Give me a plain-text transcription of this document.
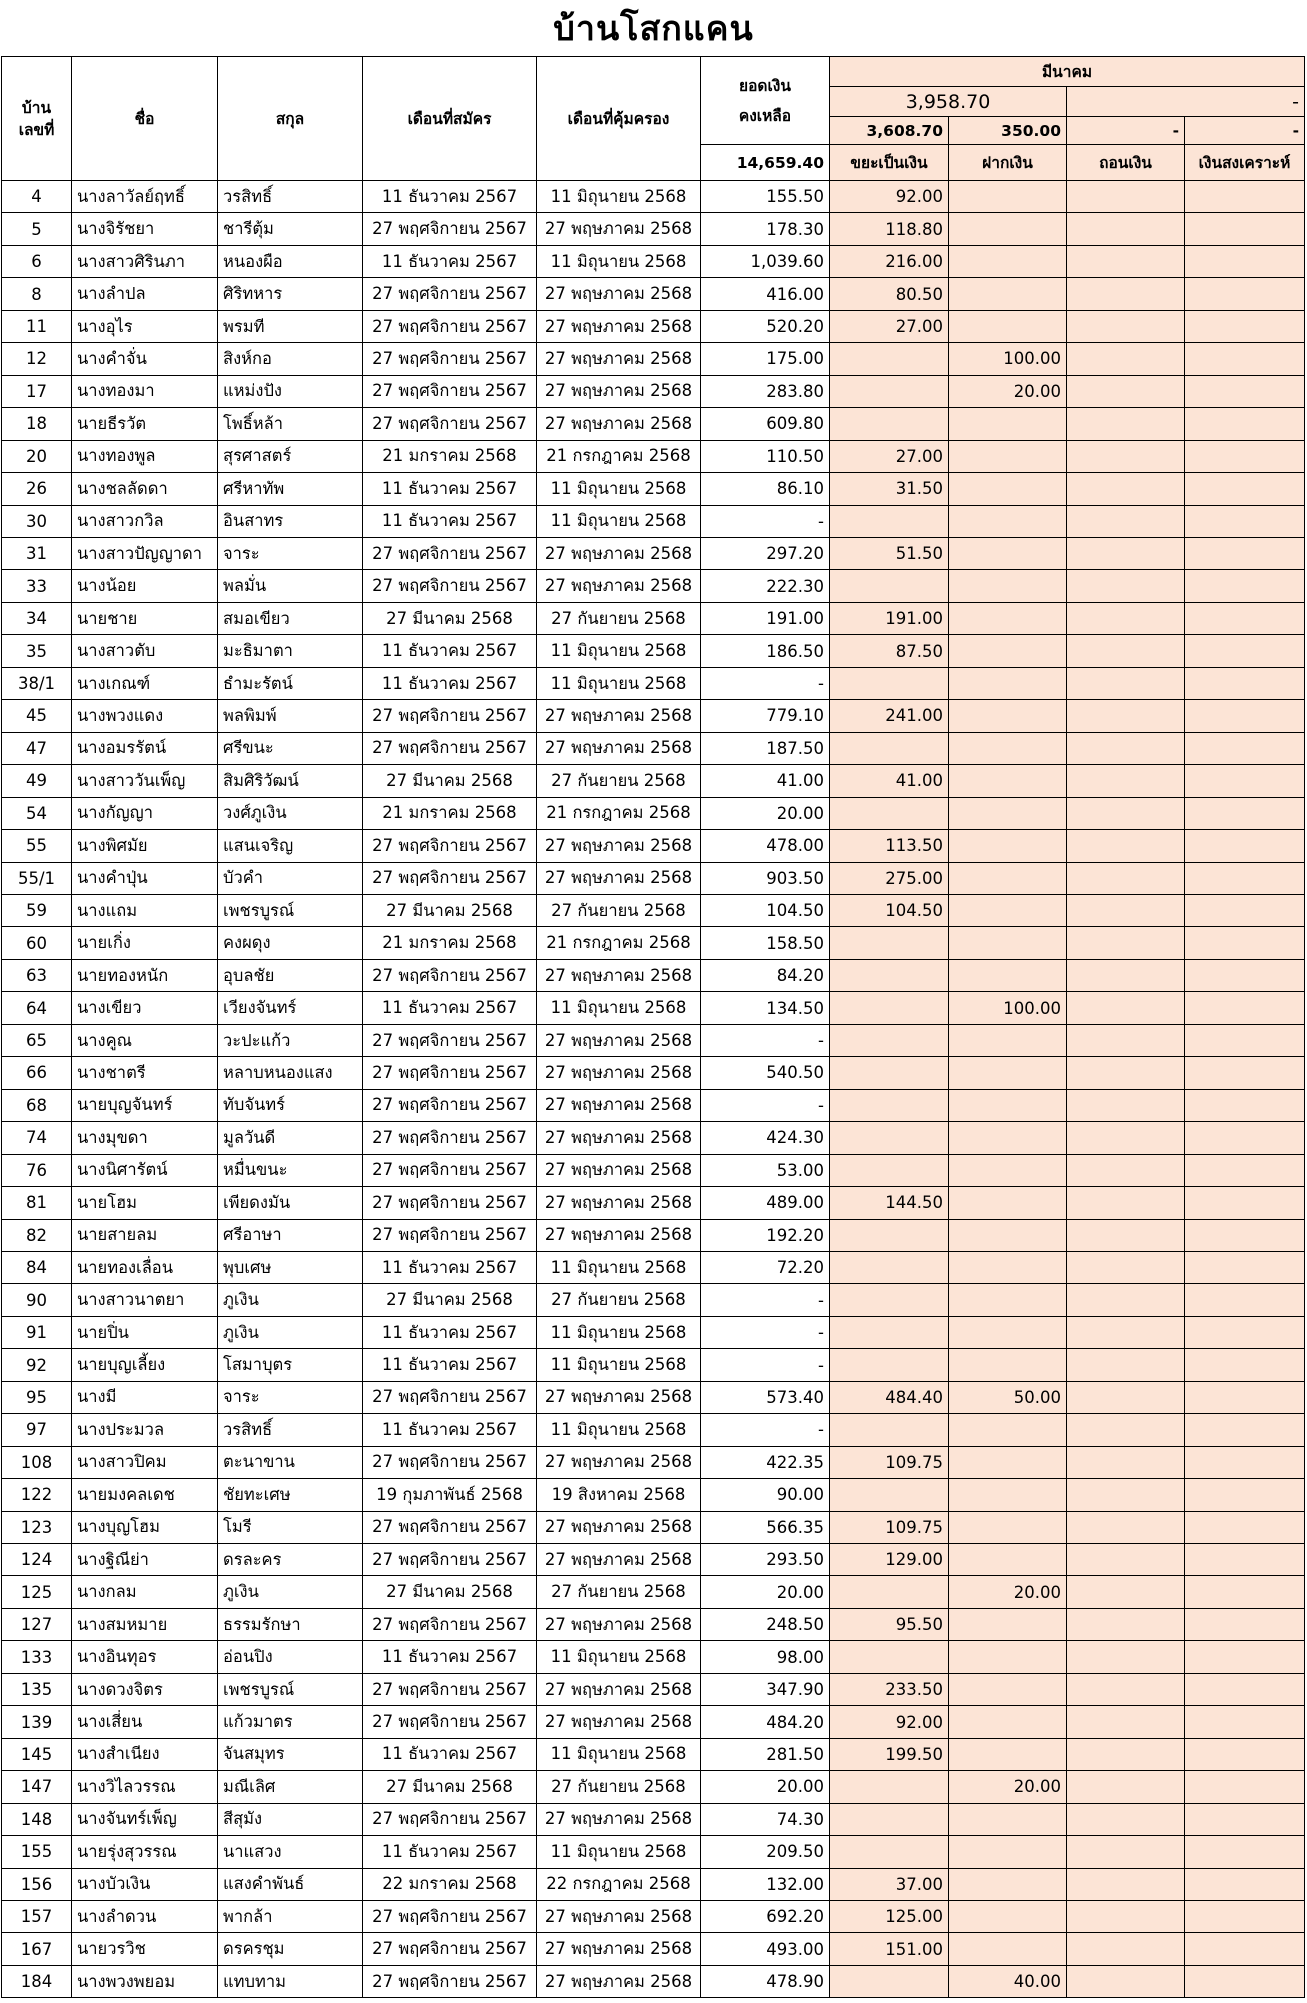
บ้านโสกแคน
บ้าน
เลขที่	ชื่อ	สกุล	เดือนที่สมัคร	เดือนที่คุ้มครอง	ยอดเงิน
คงเหลือ	มีนาคม			
						3,958.70		-	
						3,608.70	350.00	-	-
					14,659.40	ขยะเป็นเงิน	ฝากเงิน	ถอนเงิน	เงินสงเคราะห์
4	นางลาวัลย์ฤทธิ์	วรสิทธิ์	11 ธันวาคม 2567	11 มิถุนายน 2568	155.50	92.00			
5	นางจิรัชยา	ชารีตุ้ม	27 พฤศจิกายน 2567	27 พฤษภาคม 2568	178.30	118.80			
6	นางสาวศิรินภา	หนองผือ	11 ธันวาคม 2567	11 มิถุนายน 2568	1,039.60	216.00			
8	นางลำปล	ศิริทหาร	27 พฤศจิกายน 2567	27 พฤษภาคม 2568	416.00	80.50			
11	นางอุไร	พรมที	27 พฤศจิกายน 2567	27 พฤษภาคม 2568	520.20	27.00			
12	นางคำจั่น	สิงห์กอ	27 พฤศจิกายน 2567	27 พฤษภาคม 2568	175.00		100.00		
17	นางทองมา	แหม่งปัง	27 พฤศจิกายน 2567	27 พฤษภาคม 2568	283.80		20.00		
18	นายธีรวัต	โพธิ์หล้า	27 พฤศจิกายน 2567	27 พฤษภาคม 2568	609.80				
20	นางทองพูล	สุรศาสตร์	21 มกราคม 2568	21 กรกฎาคม 2568	110.50	27.00			
26	นางชลลัดดา	ศรีหาทัพ	11 ธันวาคม 2567	11 มิถุนายน 2568	86.10	31.50			
30	นางสาวกวิล	อินสาทร	11 ธันวาคม 2567	11 มิถุนายน 2568	-				
31	นางสาวปัญญาดา	จาระ	27 พฤศจิกายน 2567	27 พฤษภาคม 2568	297.20	51.50			
33	นางน้อย	พลมั่น	27 พฤศจิกายน 2567	27 พฤษภาคม 2568	222.30				
34	นายชาย	สมอเขียว	27 มีนาคม 2568	27 กันยายน 2568	191.00	191.00			
35	นางสาวตับ	มะธิมาตา	11 ธันวาคม 2567	11 มิถุนายน 2568	186.50	87.50			
38/1	นางเกณฑ์	ธำมะรัตน์	11 ธันวาคม 2567	11 มิถุนายน 2568	-				
45	นางพวงแดง	พลพิมพ์	27 พฤศจิกายน 2567	27 พฤษภาคม 2568	779.10	241.00			
47	นางอมรรัตน์	ศรีขนะ	27 พฤศจิกายน 2567	27 พฤษภาคม 2568	187.50				
49	นางสาววันเพ็ญ	สิมศิริวัฒน์	27 มีนาคม 2568	27 กันยายน 2568	41.00	41.00			
54	นางกัญญา	วงศ์ภูเงิน	21 มกราคม 2568	21 กรกฎาคม 2568	20.00				
55	นางพิศมัย	แสนเจริญ	27 พฤศจิกายน 2567	27 พฤษภาคม 2568	478.00	113.50			
55/1	นางคำปุ่น	บัวคำ	27 พฤศจิกายน 2567	27 พฤษภาคม 2568	903.50	275.00			
59	นางแถม	เพชรบูรณ์	27 มีนาคม 2568	27 กันยายน 2568	104.50	104.50			
60	นายเกิ่ง	คงผดุง	21 มกราคม 2568	21 กรกฎาคม 2568	158.50				
63	นายทองหนัก	อุบลชัย	27 พฤศจิกายน 2567	27 พฤษภาคม 2568	84.20				
64	นางเขียว	เวียงจันทร์	11 ธันวาคม 2567	11 มิถุนายน 2568	134.50		100.00		
65	นางคูณ	วะปะแก้ว	27 พฤศจิกายน 2567	27 พฤษภาคม 2568	-				
66	นางชาตรี	หลาบหนองแสง	27 พฤศจิกายน 2567	27 พฤษภาคม 2568	540.50				
68	นายบุญจันทร์	ทับจันทร์	27 พฤศจิกายน 2567	27 พฤษภาคม 2568	-				
74	นางมุขดา	มูลวันดี	27 พฤศจิกายน 2567	27 พฤษภาคม 2568	424.30				
76	นางนิศารัตน์	หมื่นขนะ	27 พฤศจิกายน 2567	27 พฤษภาคม 2568	53.00				
81	นายโฮม	เพียดงมัน	27 พฤศจิกายน 2567	27 พฤษภาคม 2568	489.00	144.50			
82	นายสายลม	ศรีอาษา	27 พฤศจิกายน 2567	27 พฤษภาคม 2568	192.20				
84	นายทองเลื่อน	พุบเศษ	11 ธันวาคม 2567	11 มิถุนายน 2568	72.20				
90	นางสาวนาตยา	ภูเงิน	27 มีนาคม 2568	27 กันยายน 2568	-				
91	นายปิ่น	ภูเงิน	11 ธันวาคม 2567	11 มิถุนายน 2568	-				
92	นายบุญเลี้ยง	โสมาบุตร	11 ธันวาคม 2567	11 มิถุนายน 2568	-				
95	นางมี	จาระ	27 พฤศจิกายน 2567	27 พฤษภาคม 2568	573.40	484.40	50.00		
97	นางประมวล	วรสิทธิ์	11 ธันวาคม 2567	11 มิถุนายน 2568	-				
108	นางสาวปิคม	ตะนาขาน	27 พฤศจิกายน 2567	27 พฤษภาคม 2568	422.35	109.75			
122	นายมงคลเดช	ชัยทะเศษ	19 กุมภาพันธ์ 2568	19 สิงหาคม 2568	90.00				
123	นางบุญโฮม	โมรี	27 พฤศจิกายน 2567	27 พฤษภาคม 2568	566.35	109.75			
124	นางฐิณีย่า	ดรละคร	27 พฤศจิกายน 2567	27 พฤษภาคม 2568	293.50	129.00			
125	นางกลม	ภูเงิน	27 มีนาคม 2568	27 กันยายน 2568	20.00		20.00		
127	นางสมหมาย	ธรรมรักษา	27 พฤศจิกายน 2567	27 พฤษภาคม 2568	248.50	95.50			
133	นางอินทุอร	อ่อนปิง	11 ธันวาคม 2567	11 มิถุนายน 2568	98.00				
135	นางดวงจิตร	เพชรบูรณ์	27 พฤศจิกายน 2567	27 พฤษภาคม 2568	347.90	233.50			
139	นางเสี่ยน	แก้วมาตร	27 พฤศจิกายน 2567	27 พฤษภาคม 2568	484.20	92.00			
145	นางสำเนียง	จันสมุทร	11 ธันวาคม 2567	11 มิถุนายน 2568	281.50	199.50			
147	นางวิไลวรรณ	มณีเลิศ	27 มีนาคม 2568	27 กันยายน 2568	20.00		20.00		
148	นางจันทร์เพ็ญ	สีสุมัง	27 พฤศจิกายน 2567	27 พฤษภาคม 2568	74.30				
155	นายรุ่งสุวรรณ	นาแสวง	11 ธันวาคม 2567	11 มิถุนายน 2568	209.50				
156	นางบัวเงิน	แสงคำพันธ์	22 มกราคม 2568	22 กรกฎาคม 2568	132.00	37.00			
157	นางลำดวน	พากล้า	27 พฤศจิกายน 2567	27 พฤษภาคม 2568	692.20	125.00			
167	นายวรวิช	ดรครชุม	27 พฤศจิกายน 2567	27 พฤษภาคม 2568	493.00	151.00			
184	นางพวงพยอม	แทบทาม	27 พฤศจิกายน 2567	27 พฤษภาคม 2568	478.90		40.00		
